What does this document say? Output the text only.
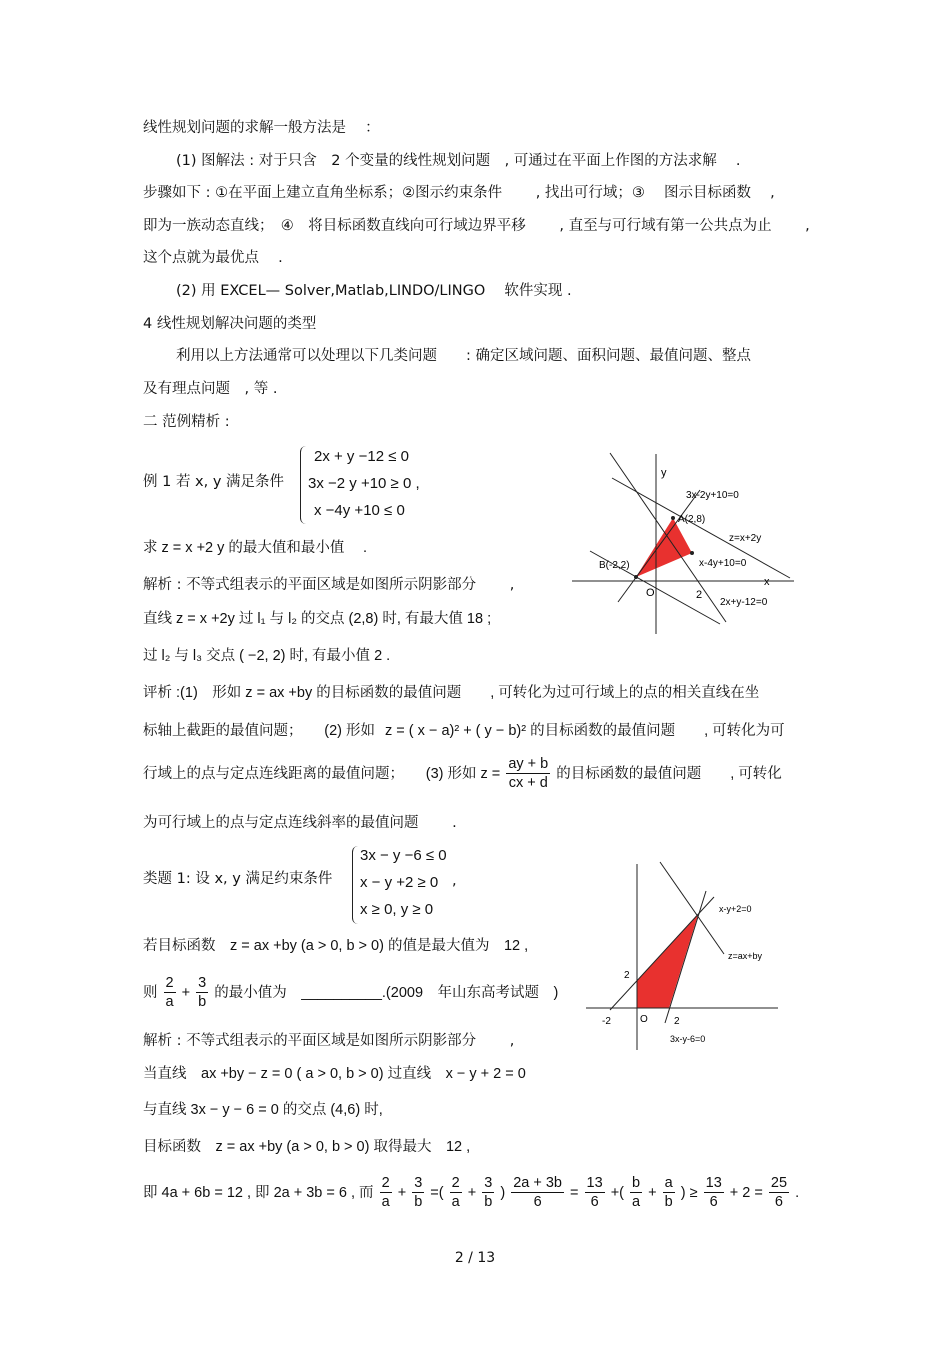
线性规划问题的求解一般方法是　 ：
(1) 图解法 : 对于只含　2 个变量的线性规划问题　, 可通过在平面上作图的方法求解　 .
步骤如下 : ①在平面上建立直角坐标系；②图示约束条件　　 , 找出可行域；③　 图示目标函数　 ,
即为一族动态直线；　④　将目标函数直线向可行域边界平移　　 , 直至与可行域有第一公共点为止　　 ,
这个点就为最优点　 .
(2) 用 EXCEL— Solver,Matlab,LINDO/LINGO　 软件实现 .
4 线性规划解决问题的类型
利用以上方法通常可以处理以下几类问题　　: 确定区域问题、面积问题、最值问题、整点
及有理点问题　, 等 .
二 范例精析 :
例 1 若 x, y 满足条件
2x + y −12 ≤ 0
3x −2 y +10 ≥ 0 ,
x −4y +10 ≤ 0
求 z = x +2 y 的最大值和最小值　 .
解析 : 不等式组表示的平面区域是如图所示阴影部分　　 ,
直线 z = x +2y 过 l₁ 与 l₂ 的交点 (2,8) 时, 有最大值 18 ;
过 l₂ 与 l₃ 交点 ( −2, 2) 时, 有最小值 2 .
y
x
O	2
3x-2y+10=0
A(2,8)
z=x+2y
B(-2,2)	x-4y+10=0
2x+y-12=0
评析 :(1)　形如 z = ax +by 的目标函数的最值问题　　, 可转化为过可行域上的点的相关直线在坐
标轴上截距的最值问题；　　(2) 形如 z = ( x − a)² + ( y − b)² 的目标函数的最值问题　　, 可转化为可
行域上的点与定点连线距离的最值问题；　　(3) 形如 $z = \frac{ay + b}{cx + d}$ 的目标函数的最值问题　　, 可转化
为可行域上的点与定点连线斜率的最值问题　　 .
类题 1: 设 x, y 满足约束条件
3x − y −6 ≤ 0
x − y +2 ≥ 0
x ≥ 0, y ≥ 0
,
若目标函数　z = ax +by (a > 0, b > 0) 的值是最大值为　12 ,
则 $\frac{2}{a} + \frac{3}{b}$ 的最小值为　__________.(2009　年山东高考试题　)
解析 : 不等式组表示的平面区域是如图所示阴影部分　　 ,
当直线　ax +by − z = 0 ( a > 0, b > 0) 过直线　x − y + 2 = 0
与直线 3x − y − 6 = 0 的交点 (4,6) 时,
目标函数　z = ax +by (a > 0, b > 0) 取得最大　12 ,
即 4a + 6b = 12 , 即 2a + 3b = 6 , 而 $\frac{2}{a} + \frac{3}{b}$ =( $\frac{2}{a} + \frac{3}{b}$ ) $\frac{2a + 3b}{6} = \frac{13}{6}$ +( $\frac{b}{a} + \frac{a}{b}$ ) ≥ $\frac{13}{6} + 2 = \frac{25}{6}$ .
x-y+2=0
z=ax+by
2
-2	O	2
3x-y-6=0
2 / 13
